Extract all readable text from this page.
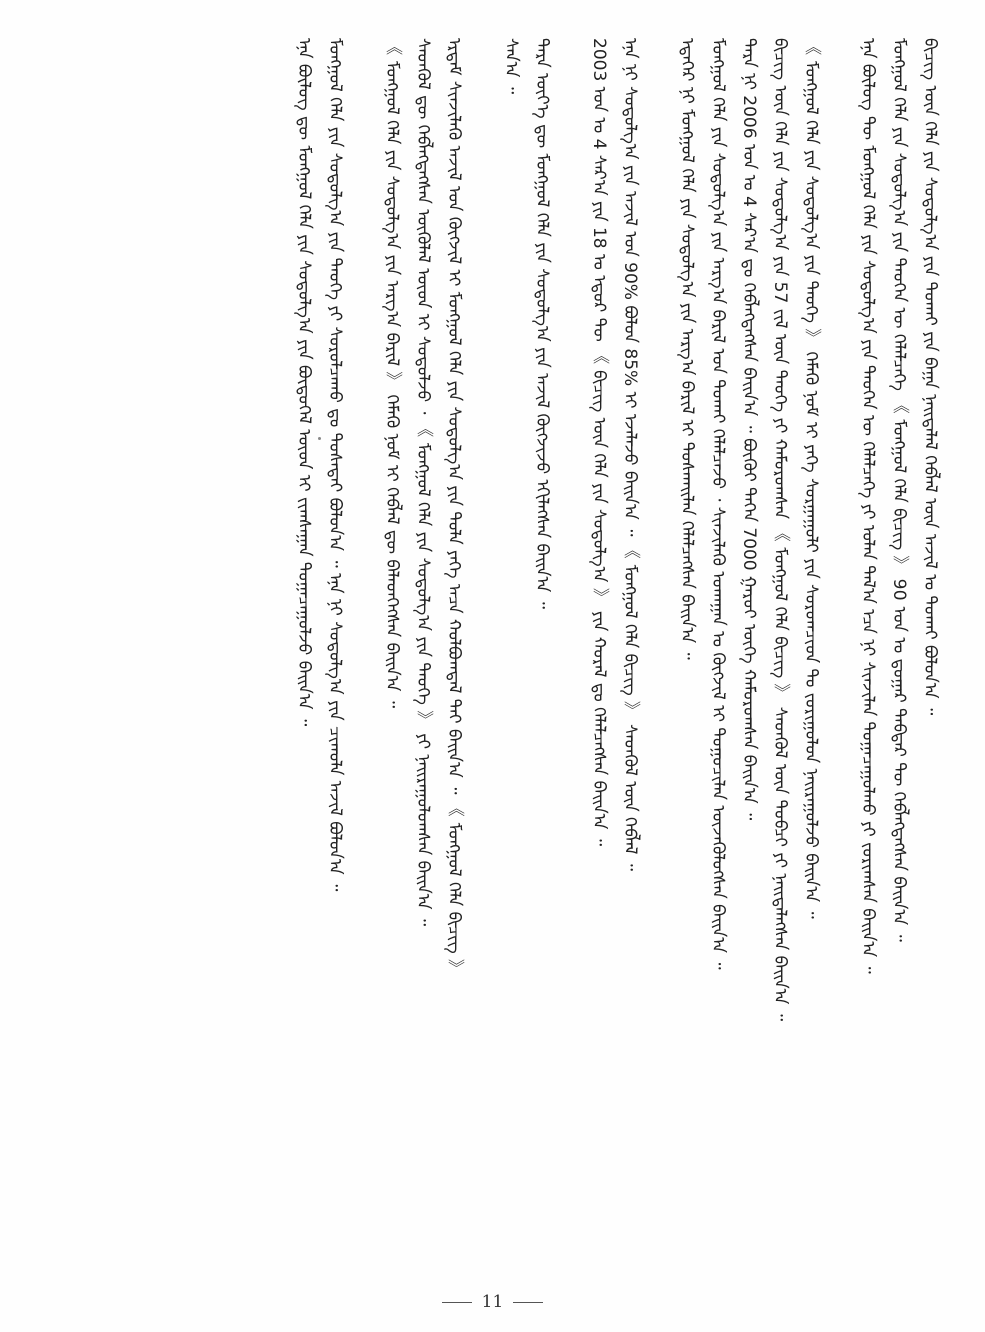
ᠪᠢᠴᠢᠭ ᠦᠨ ᠬᠡᠯᠡ ᠶᠢᠨ ᠰᠤᠳᠤᠯᠭ᠎ᠠ ᠶᠢᠨ ᠲᠤᠬᠠᠢ ᠶᠢᠨ ᠪᠠᠭᠠ ᠨᠡᠢᠲᠡᠯᠡᠯ ᠬᠡᠪᠯᠡᠯ ᠦᠨ ᠠᠵᠢᠯ ᠤ ᠲᠤᠬᠠᠢ ᠪᠣᠯᠤᠨ᠎ᠠ ᠃
ᠮᠣᠩᠭᠣᠯ ᠬᠡᠯᠡ ᠶᠢᠨ ᠰᠤᠳᠤᠯᠭ᠎ᠠ ᠶᠢᠨ ᠲᠡᠦᠬᠡᠨ ᠦ ᠬᠡᠯᠡᠯᠴᠡᠭᠡ 《 ᠮᠣᠩᠭᠣᠯ ᠬᠡᠯᠡ ᠪᠢᠴᠢᠭ 》 90 ᠣᠨ ᠤ ᠳ᠋ᠤᠭᠠᠷ ᠳᠡᠪᠲᠡᠷ ᠲᠦ ᠬᠡᠪᠯᠡᠭᠳᠡᠭᠰᠡᠨ ᠪᠠᠢᠨ᠎ᠠ ᠃
ᠡᠨᠡ ᠪᠦᠯᠦᠭ ᠲᠦ ᠮᠣᠩᠭᠣᠯ ᠬᠡᠯᠡ ᠶᠢᠨ ᠰᠤᠳᠤᠯᠭ᠎ᠠ ᠶᠢᠨ ᠲᠡᠦᠬᠡᠨ ᠦ ᠬᠡᠯᠡᠯᠴᠡᠭᠡ ᠶᠢ ᠣᠯᠠᠨ ᠲᠠᠯ᠎ᠠ ᠡᠴᠡ ᠨᠢ ᠰᠢᠨᠵᠢᠯᠡᠨ ᠲᠣᠭᠠᠴᠠᠭᠤᠯᠬᠤ ᠶᠢ ᠵᠣᠷᠢᠭᠰᠠᠨ ᠪᠠᠢᠨ᠎ᠠ ᠃
《 ᠮᠣᠩᠭᠣᠯ ᠬᠡᠯᠡ ᠶᠢᠨ ᠰᠤᠳᠤᠯᠭ᠎ᠠ ᠶᠢᠨ ᠲᠡᠦᠬᠡ 》 ᠬᠡᠮᠡᠬᠦ ᠨᠣᠮ ᠢ ᠶᠡᠬᠡ ᠰᠤᠷᠭᠠᠭᠤᠯᠢ ᠶᠢᠨ ᠰᠤᠷᠤᠭᠴᠢᠳ ᠲᠤ ᠵᠣᠷᠢᠭᠤᠯᠤᠨ ᠨᠠᠢᠷᠠᠭᠤᠯᠵᠤ ᠪᠠᠢᠨ᠎ᠠ ᠃
ᠪᠢᠴᠢᠭ ᠦᠨ ᠬᠡᠯᠡ ᠶᠢᠨ ᠰᠤᠳᠤᠯᠭ᠎ᠠ ᠶᠢᠨ 57 ᠵᠢᠯ ᠦᠨ ᠲᠡᠦᠬᠡ ᠶᠢ ᠬᠠᠮᠤᠷᠤᠭᠰᠠᠨ 《 ᠮᠣᠩᠭᠣᠯ ᠬᠡᠯᠡ ᠪᠢᠴᠢᠭ 》 ᠰᠡᠳᠭᠦᠯ ᠦᠨ ᠲᠣᠪᠴᠢ ᠶᠢ ᠨᠡᠢᠲᠡᠯᠡᠭᠰᠡᠨ ᠪᠠᠢᠨ᠎ᠠ ᠃
ᠲᠡᠷᠡ ᠨᠢ 2006 ᠣᠨ ᠤ 4 ᠰᠠᠷ᠎ᠠ ᠳᠤ ᠬᠡᠪᠯᠡᠭᠳᠡᠭᠰᠡᠨ ᠪᠠᠢᠨ᠎ᠠ ᠃ ᠪᠦᠬᠦᠢ ᠳᠡᠭᠡᠨ 7000 ᠭᠠᠷᠤᠢ ᠦᠭᠡ ᠬᠠᠮᠤᠷᠤᠭᠰᠠᠨ ᠪᠠᠢᠨ᠎ᠠ ᠃
ᠮᠣᠩᠭᠣᠯ ᠬᠡᠯᠡ ᠶᠢᠨ ᠰᠤᠳᠤᠯᠭ᠎ᠠ ᠶᠢᠨ ᠠᠷᠭ᠎ᠠ ᠪᠠᠷᠢᠯ ᠤᠨ ᠲᠤᠬᠠᠢ ᠬᠡᠯᠡᠯᠴᠡᠵᠦ ᠂ ᠰᠢᠨᠵᠢᠯᠡᠬᠦ ᠤᠬᠠᠭᠠᠨ ᠤ ᠬᠥᠭᠵᠢᠯ ᠢ ᠲᠣᠭᠣᠴᠢᠯᠠᠨ ᠦᠵᠡᠭᠦᠯᠦᠭᠰᠡᠨ ᠪᠠᠢᠨ᠎ᠠ ᠃
ᠡᠳᠡᠭᠡᠷ ᠨᠢ ᠮᠣᠩᠭᠣᠯ ᠬᠡᠯᠡ ᠶᠢᠨ ᠰᠤᠳᠤᠯᠭ᠎ᠠ ᠶᠢᠨ ᠠᠷᠭ᠎ᠠ ᠪᠠᠷᠢᠯ ᠢ ᠲᠤᠰᠬᠠᠢᠯᠠᠨ ᠬᠡᠯᠡᠯᠴᠡᠭᠰᠡᠨ ᠪᠠᠢᠨ᠎ᠠ ᠃
ᠡᠨᠡ ᠨᠢ ᠰᠤᠳᠤᠯᠭ᠎ᠠ ᠶᠢᠨ ᠠᠵᠢᠯ ᠤᠨ 90% ᠪᠣᠯᠤᠨ 85% ᠢ ᠡᠵᠡᠯᠡᠵᠦ ᠪᠠᠢᠨ᠎ᠠ ᠃ 《 ᠮᠣᠩᠭᠣᠯ ᠬᠡᠯᠡ ᠪᠢᠴᠢᠭ 》 ᠰᠡᠳᠭᠦᠯ ᠦᠨ ᠬᠡᠪᠯᠡᠯ ᠃
2003 ᠣᠨ ᠤ 4 ᠰᠠᠷ᠎ᠠ ᠶᠢᠨ 18 ᠤ ᠡᠳᠦᠷ ᠲᠦ 《 ᠪᠢᠴᠢᠭ ᠦᠨ ᠬᠡᠯᠡ ᠶᠢᠨ ᠰᠤᠳᠤᠯᠭ᠎ᠠ 》 ᠶᠢᠨ ᠬᠤᠷᠠᠯ ᠳᠤ ᠬᠡᠯᠡᠯᠴᠡᠭᠰᠡᠨ ᠪᠠᠢᠨ᠎ᠠ ᠃
ᠲᠡᠷᠡ ᠦᠶ᠎ᠡ ᠳᠦ ᠮᠣᠩᠭᠣᠯ ᠬᠡᠯᠡ ᠶᠢᠨ ᠰᠤᠳᠤᠯᠭ᠎ᠠ ᠶᠢᠨ ᠠᠵᠢᠯ ᠬᠥᠭᠵᠢᠵᠦ ᠡᠬᠢᠯᠡᠭᠰᠡᠨ ᠪᠠᠢᠨ᠎ᠠ ᠃
ᠰᠠᠨ᠎ᠠ ᠃
ᠡᠷᠳᠡᠮ ᠰᠢᠨᠵᠢᠯᠡᠬᠦ ᠠᠵᠢᠯ ᠤᠨ ᠬᠥᠭᠵᠢᠯ ᠢ ᠮᠣᠩᠭᠣᠯ ᠬᠡᠯᠡ ᠶᠢᠨ ᠰᠤᠳᠤᠯᠭ᠎ᠠ ᠶᠢᠨ ᠲᠤᠯᠠ ᠶᠡᠬᠡ ᠠᠴᠠ ᠬᠣᠯᠪᠣᠭᠳᠠᠯ ᠲᠠᠢ ᠪᠠᠢᠨ᠎ᠠ ᠃ 《 ᠮᠣᠩᠭᠣᠯ ᠬᠡᠯᠡ ᠪᠢᠴᠢᠭ 》
ᠰᠡᠳᠭᠦᠯ ᠳᠦ ᠬᠡᠪᠯᠡᠭᠳᠡᠭᠰᠡᠨ ᠥᠭᠦᠯᠡᠯ ᠦᠳ ᠢ ᠰᠤᠳᠤᠯᠵᠤ ᠂ 《 ᠮᠣᠩᠭᠣᠯ ᠬᠡᠯᠡ ᠶᠢᠨ ᠰᠤᠳᠤᠯᠭ᠎ᠠ ᠶᠢᠨ ᠲᠡᠦᠬᠡ 》 ᠶᠢ ᠨᠠᠢᠷᠠᠭᠤᠯᠤᠭᠰᠠᠨ ᠪᠠᠢᠨ᠎ᠠ ᠃
《 ᠮᠣᠩᠭᠣᠯ ᠬᠡᠯᠡ ᠶᠢᠨ ᠰᠤᠳᠤᠯᠭ᠎ᠠ ᠶᠢᠨ ᠠᠷᠭ᠎ᠠ ᠪᠠᠷᠢᠯ 》 ᠬᠡᠮᠡᠬᠦ ᠨᠣᠮ ᠢ ᠬᠡᠪᠯᠡᠯ ᠳᠦ ᠪᠡᠯᠡᠳᠬᠡᠭᠰᠡᠨ ᠪᠠᠢᠨ᠎ᠠ ᠃
ᠮᠣᠩᠭᠣᠯ ᠬᠡᠯᠡ ᠶᠢᠨ ᠰᠤᠳᠤᠯᠭ᠎ᠠ ᠶᠢᠨ ᠲᠡᠦᠬᠡ ᠶᠢ ᠰᠤᠷᠤᠯᠴᠠᠬᠤ ᠳᠤ ᠲᠤᠰᠠᠲᠠᠢ ᠪᠣᠯᠤᠨ᠎ᠠ ᠃ ᠡᠨᠡ ᠨᠢ ᠰᠤᠳᠤᠯᠭ᠎ᠠ ᠶᠢᠨ ᠴᠢᠬᠤᠯᠠ ᠠᠵᠢᠯ ᠪᠣᠯᠤᠨ᠎ᠠ ᠃
ᠡᠨᠡ ᠪᠦᠯᠦᠭ ᠳᠦ ᠮᠣᠩᠭᠣᠯ ᠬᠡᠯᠡ ᠶᠢᠨ ᠰᠤᠳᠤᠯᠭ᠎ᠠ ᠶᠢᠨ ᠪᠦᠲᠦᠭᠡᠯ ᠦᠳ ᠢ ᠵᠢᠭᠰᠠᠭᠠᠨ ᠲᠣᠭᠠᠴᠠᠭᠤᠯᠵᠤ ᠪᠠᠢᠨ᠎ᠠ ᠃
11
